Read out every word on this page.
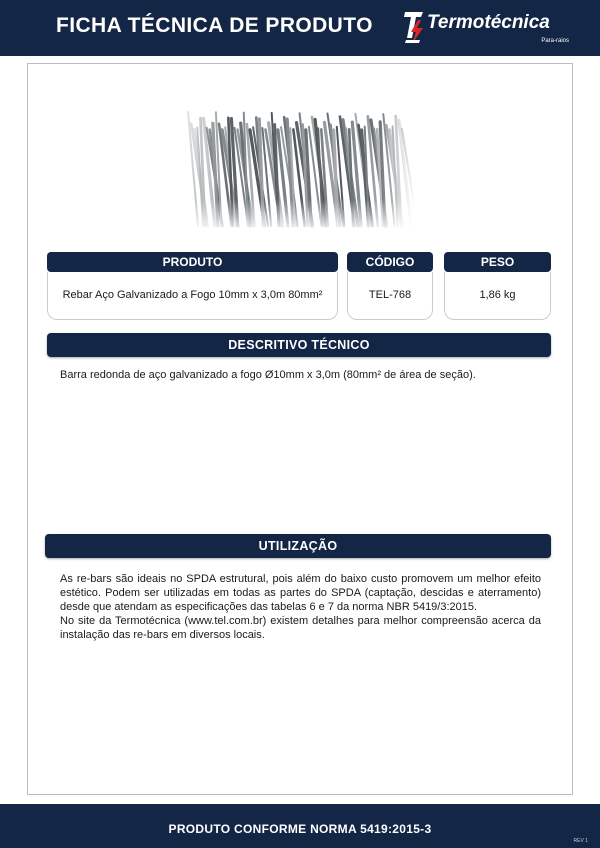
FICHA TÉCNICA DE PRODUTO	Termotécnica
Para-raios
PRODUTO	CÓDIGO	PESO
Rebar Aço Galvanizado a Fogo 10mm x 3,0m 80mm²	TEL-768	1,86 kg
DESCRITIVO TÉCNICO
Barra redonda de aço galvanizado a fogo Ø10mm x 3,0m (80mm² de área de seção).
UTILIZAÇÃO

As re-bars são ideais no SPDA estrutural, pois além do baixo custo promovem um melhor efeito estético. Podem ser utilizadas em todas as partes do SPDA (captação, descidas e aterramento) desde que atendam as especificações das tabelas 6 e 7 da norma NBR 5419/3:2015.

No site da Termotécnica (www.tel.com.br) existem detalhes para melhor compreensão acerca da instalação das re-bars em diversos locais.

PRODUTO CONFORME NORMA 5419:2015-3
REV 1
